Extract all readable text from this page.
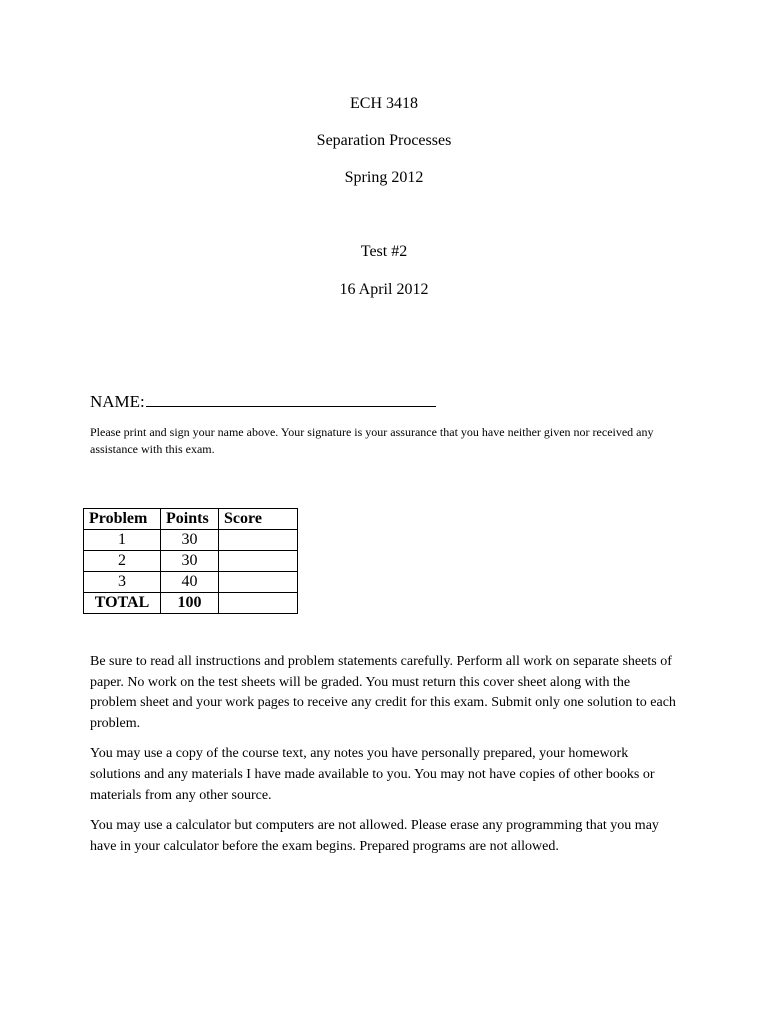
ECH 3418
Separation Processes
Spring 2012
Test #2
16 April 2012
NAME:
Please print and sign your name above. Your signature is your assurance that you have neither given nor received any assistance with this exam.
Problem	Points	Score
1	30	
2	30	
3	40	
TOTAL	100	

Be sure to read all instructions and problem statements carefully. Perform all work on separate sheets of paper. No work on the test sheets will be graded. You must return this cover sheet along with the problem sheet and your work pages to receive any credit for this exam. Submit only one solution to each problem.

You may use a copy of the course text, any notes you have personally prepared, your homework solutions and any materials I have made available to you. You may not have copies of other books or materials from any other source.

You may use a calculator but computers are not allowed. Please erase any programming that you may have in your calculator before the exam begins. Prepared programs are not allowed.
